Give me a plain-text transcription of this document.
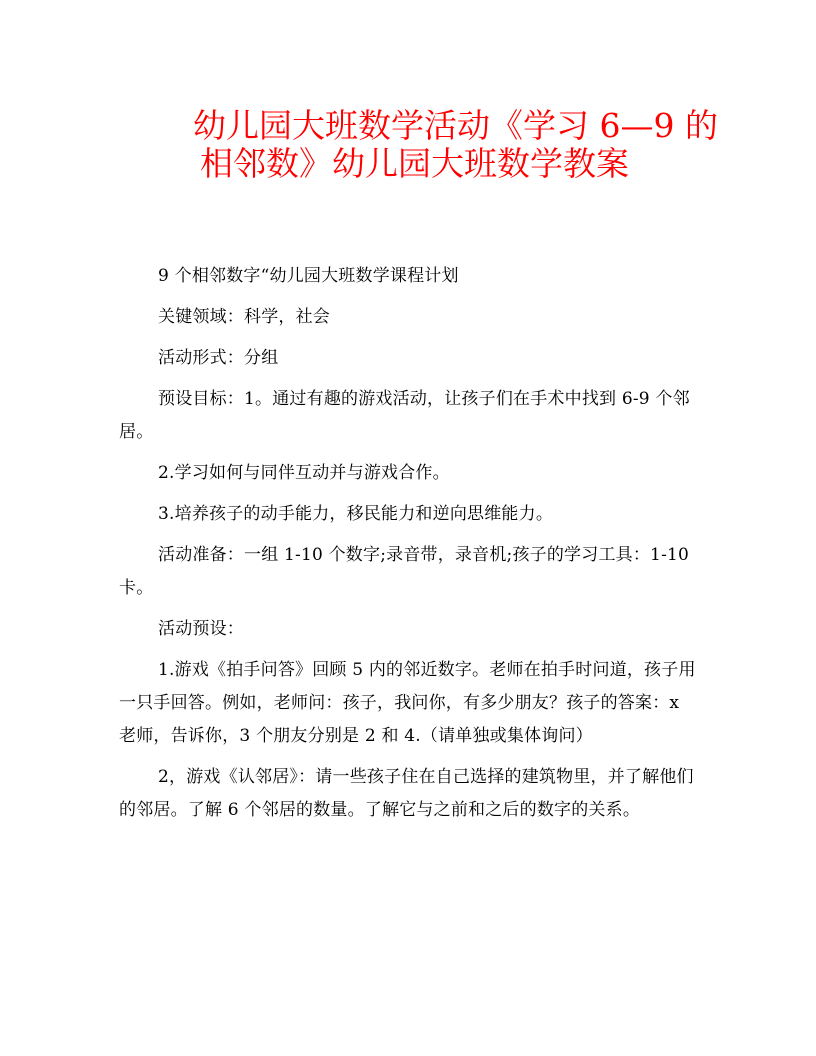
幼儿园大班数学活动《学习 6—9 的
相邻数》幼儿园大班数学教案

9 个相邻数字“幼儿园大班数学课程计划

关键领域：科学，社会

活动形式：分组

预设目标：1。通过有趣的游戏活动，让孩子们在手术中找到 6-9 个邻居。

2.学习如何与同伴互动并与游戏合作。

3.培养孩子的动手能力，移民能力和逆向思维能力。

活动准备：一组 1-10 个数字;录音带，录音机;孩子的学习工具：1-10 卡。

活动预设：

1.游戏《拍手问答》回顾 5 内的邻近数字。老师在拍手时问道，孩子用一只手回答。例如，老师问：孩子，我问你，有多少朋友？孩子的答案：x 老师，告诉你，3 个朋友分别是 2 和 4.（请单独或集体询问）

2，游戏《认邻居》：请一些孩子住在自己选择的建筑物里，并了解他们的邻居。了解 6 个邻居的数量。了解它与之前和之后的数字的关系。
